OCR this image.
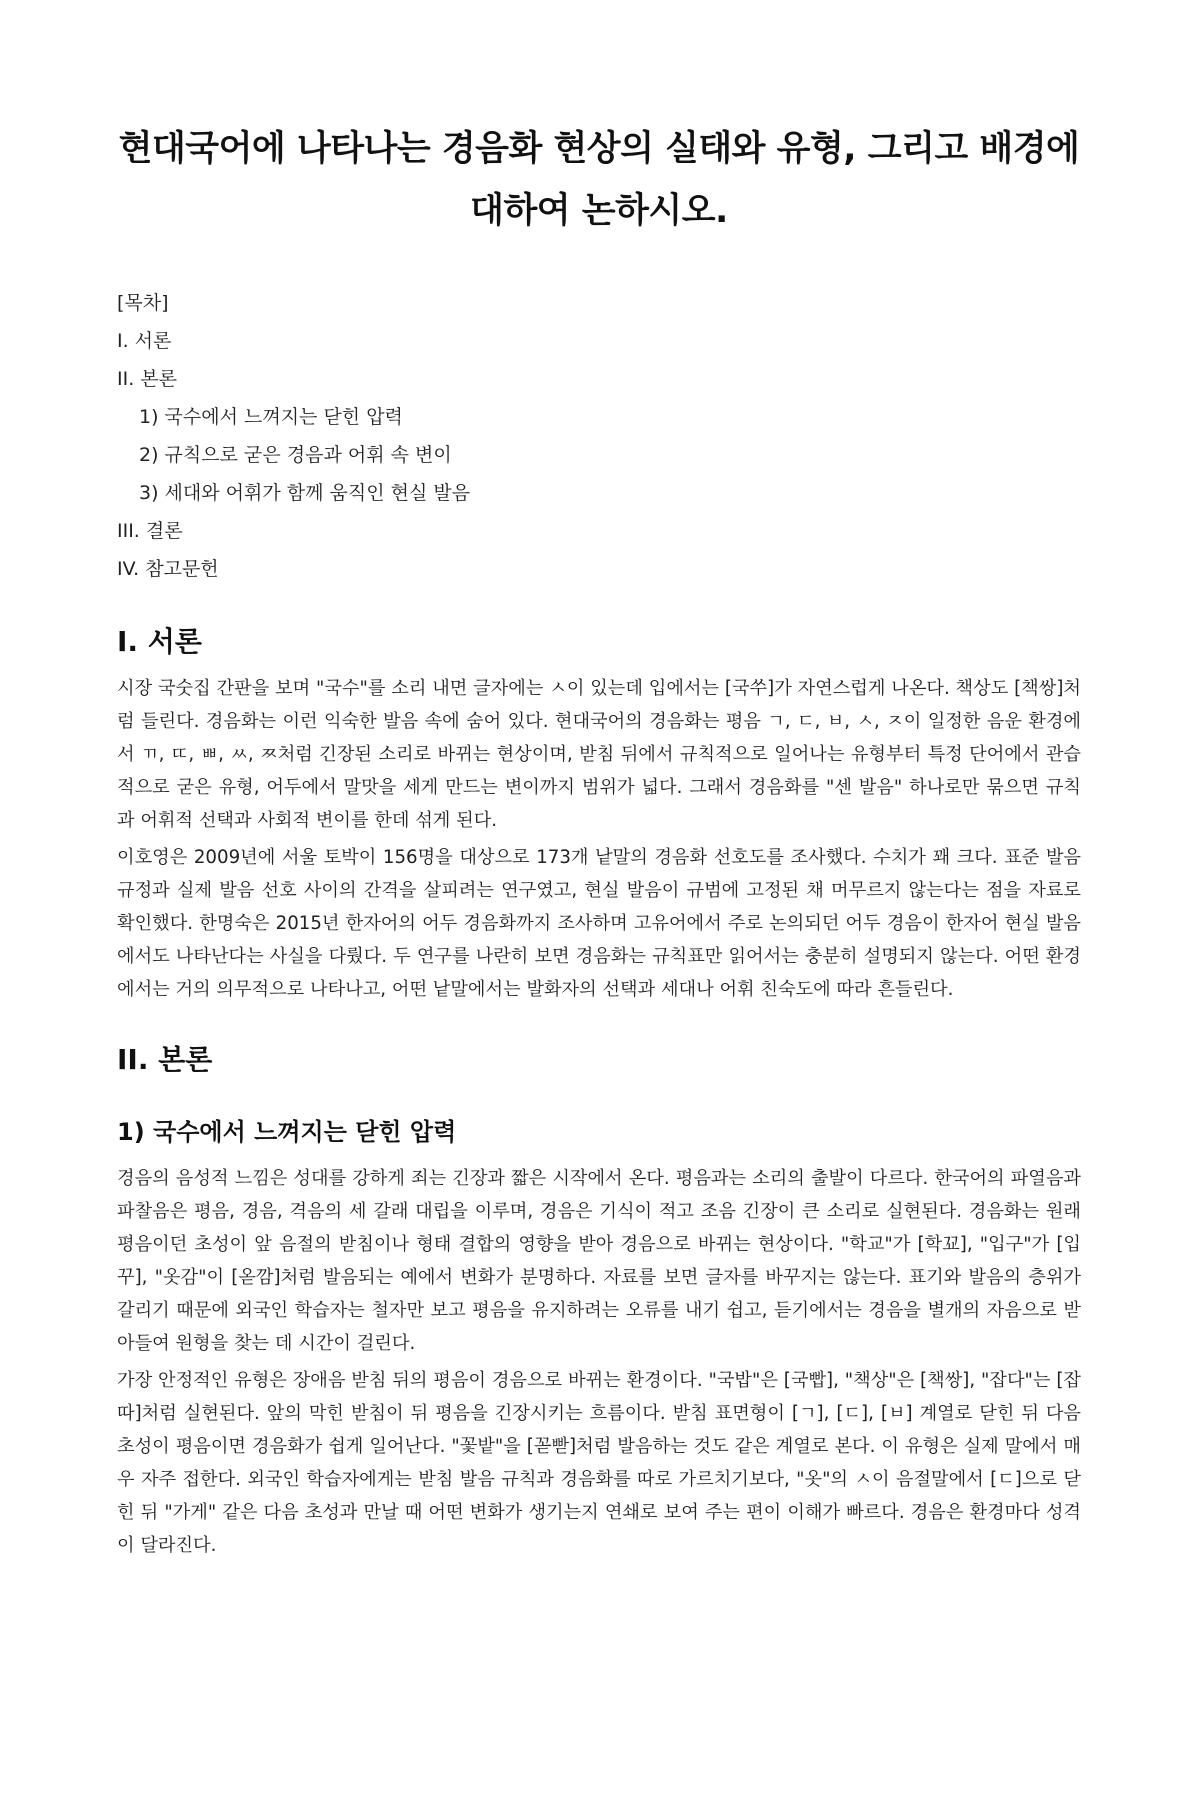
현대국어에 나타나는 경음화 현상의 실태와 유형, 그리고 배경에 대하여 논하시오.
[목차]
I. 서론
II. 본론
1) 국수에서 느껴지는 닫힌 압력
2) 규칙으로 굳은 경음과 어휘 속 변이
3) 세대와 어휘가 함께 움직인 현실 발음
III. 결론
IV. 참고문헌
I. 서론

시장 국숫집 간판을 보며 "국수"를 소리 내면 글자에는 ㅅ이 있는데 입에서는 [국쑤]가 자연스럽게 나온다. 책상도 [책쌍]처럼 들린다. 경음화는 이런 익숙한 발음 속에 숨어 있다. 현대국어의 경음화는 평음 ㄱ, ㄷ, ㅂ, ㅅ, ㅈ이 일정한 음운 환경에서 ㄲ, ㄸ, ㅃ, ㅆ, ㅉ처럼 긴장된 소리로 바뀌는 현상이며, 받침 뒤에서 규칙적으로 일어나는 유형부터 특정 단어에서 관습적으로 굳은 유형, 어두에서 말맛을 세게 만드는 변이까지 범위가 넓다. 그래서 경음화를 "센 발음" 하나로만 묶으면 규칙과 어휘적 선택과 사회적 변이를 한데 섞게 된다.

이호영은 2009년에 서울 토박이 156명을 대상으로 173개 낱말의 경음화 선호도를 조사했다. 수치가 꽤 크다. 표준 발음 규정과 실제 발음 선호 사이의 간격을 살피려는 연구였고, 현실 발음이 규범에 고정된 채 머무르지 않는다는 점을 자료로 확인했다. 한명숙은 2015년 한자어의 어두 경음화까지 조사하며 고유어에서 주로 논의되던 어두 경음이 한자어 현실 발음에서도 나타난다는 사실을 다뤘다. 두 연구를 나란히 보면 경음화는 규칙표만 읽어서는 충분히 설명되지 않는다. 어떤 환경에서는 거의 의무적으로 나타나고, 어떤 낱말에서는 발화자의 선택과 세대나 어휘 친숙도에 따라 흔들린다.

II. 본론
1) 국수에서 느껴지는 닫힌 압력

경음의 음성적 느낌은 성대를 강하게 죄는 긴장과 짧은 시작에서 온다. 평음과는 소리의 출발이 다르다. 한국어의 파열음과 파찰음은 평음, 경음, 격음의 세 갈래 대립을 이루며, 경음은 기식이 적고 조음 긴장이 큰 소리로 실현된다. 경음화는 원래 평음이던 초성이 앞 음절의 받침이나 형태 결합의 영향을 받아 경음으로 바뀌는 현상이다. "학교"가 [학꾜], "입구"가 [입꾸], "옷감"이 [옫깜]처럼 발음되는 예에서 변화가 분명하다. 자료를 보면 글자를 바꾸지는 않는다. 표기와 발음의 층위가 갈리기 때문에 외국인 학습자는 철자만 보고 평음을 유지하려는 오류를 내기 쉽고, 듣기에서는 경음을 별개의 자음으로 받아들여 원형을 찾는 데 시간이 걸린다.

가장 안정적인 유형은 장애음 받침 뒤의 평음이 경음으로 바뀌는 환경이다. "국밥"은 [국빱], "책상"은 [책쌍], "잡다"는 [잡따]처럼 실현된다. 앞의 막힌 받침이 뒤 평음을 긴장시키는 흐름이다. 받침 표면형이 [ㄱ], [ㄷ], [ㅂ] 계열로 닫힌 뒤 다음 초성이 평음이면 경음화가 쉽게 일어난다. "꽃밭"을 [꼳빧]처럼 발음하는 것도 같은 계열로 본다. 이 유형은 실제 말에서 매우 자주 접한다. 외국인 학습자에게는 받침 발음 규칙과 경음화를 따로 가르치기보다, "옷"의 ㅅ이 음절말에서 [ㄷ]으로 닫힌 뒤 "가게" 같은 다음 초성과 만날 때 어떤 변화가 생기는지 연쇄로 보여 주는 편이 이해가 빠르다. 경음은 환경마다 성격이 달라진다.
